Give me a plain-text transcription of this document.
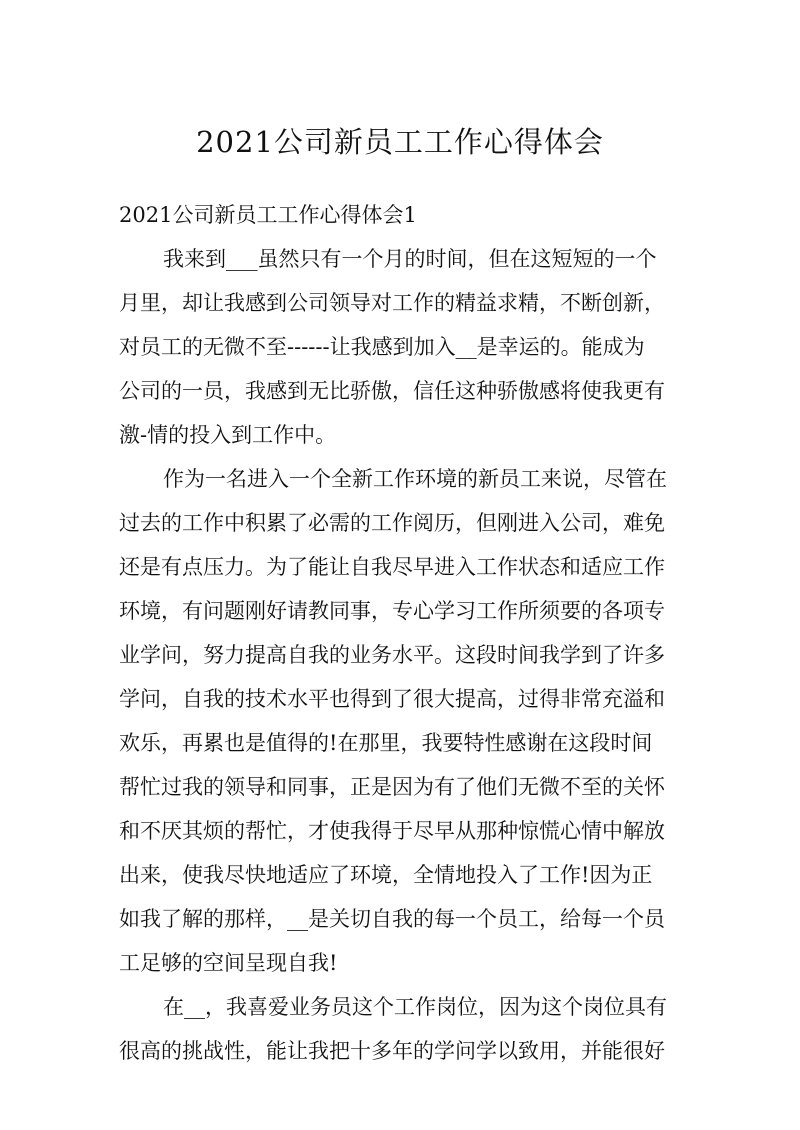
2021公司新员工工作心得体会
2021公司新员工工作心得体会1
我来到___虽然只有一个月的时间，但在这短短的一个
月里，却让我感到公司领导对工作的精益求精，不断创新，
对员工的无微不至------让我感到加入__是幸运的。能成为
公司的一员，我感到无比骄傲，信任这种骄傲感将使我更有
激-情的投入到工作中。
作为一名进入一个全新工作环境的新员工来说，尽管在
过去的工作中积累了必需的工作阅历，但刚进入公司，难免
还是有点压力。为了能让自我尽早进入工作状态和适应工作
环境，有问题刚好请教同事，专心学习工作所须要的各项专
业学问，努力提高自我的业务水平。这段时间我学到了许多
学问，自我的技术水平也得到了很大提高，过得非常充溢和
欢乐，再累也是值得的!在那里，我要特性感谢在这段时间
帮忙过我的领导和同事，正是因为有了他们无微不至的关怀
和不厌其烦的帮忙，才使我得于尽早从那种惊慌心情中解放
出来，使我尽快地适应了环境，全情地投入了工作!因为正
如我了解的那样，__是关切自我的每一个员工，给每一个员
工足够的空间呈现自我!
在__，我喜爱业务员这个工作岗位，因为这个岗位具有
很高的挑战性，能让我把十多年的学问学以致用，并能很好
